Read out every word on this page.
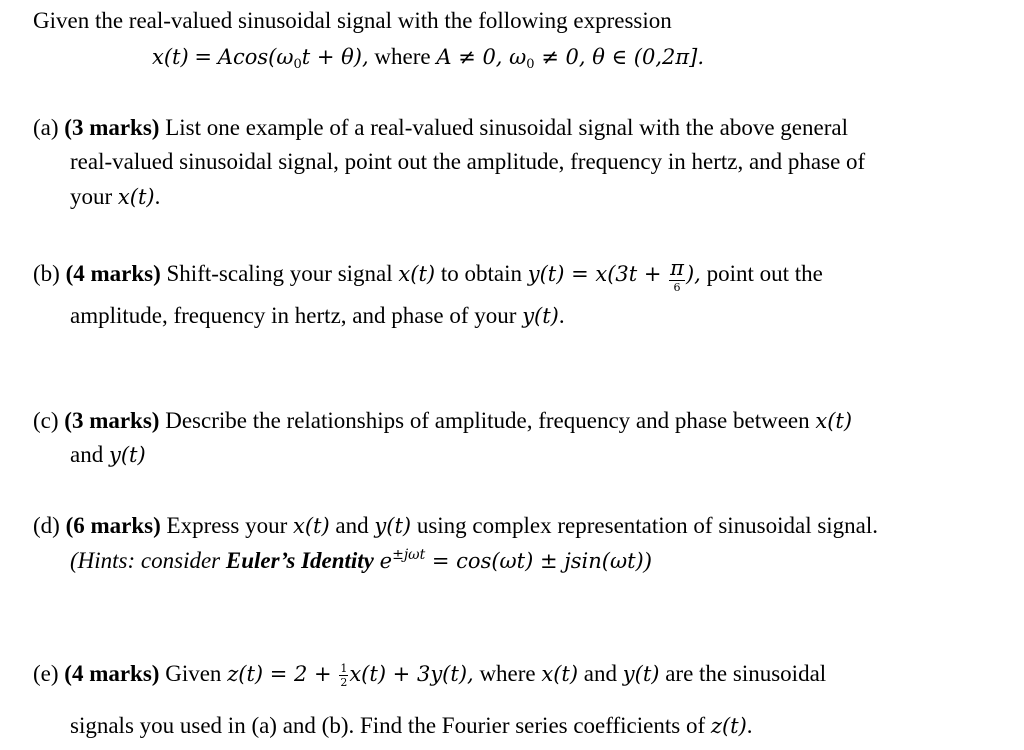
Given the real-valued sinusoidal signal with the following expression
$x(t) = Acos(\omega_0t + \theta)$, where A ≠ 0, $\omega_0 \ne 0$, θ ∈ (0,2π].
(a) (3 marks) List one example of a real-valued sinusoidal signal with the above general
real-valued sinusoidal signal, point out the amplitude, frequency in hertz, and phase of
your x(t).
(b) (4 marks) Shift-scaling your signal x(t) to obtain $y(t) = x(3t + \frac{\pi}{6}$ ), point out the
amplitude, frequency in hertz, and phase of your y(t).
(c) (3 marks) Describe the relationships of amplitude, frequency and phase between x(t)
and y(t)
(d) (6 marks) Express your x(t) and y(t) using complex representation of sinusoidal signal.
(Hints: consider Euler’s Identity $e^{\pm j\omega t} = \cos(\omega t) \pm jsin(\omega t)$)
(e) (4 marks) Given $z(t) = 2 + \frac{1}{2} x(t) + 3y(t)$, where x(t) and y(t) are the sinusoidal
signals you used in (a) and (b). Find the Fourier series coefficients of z(t).
